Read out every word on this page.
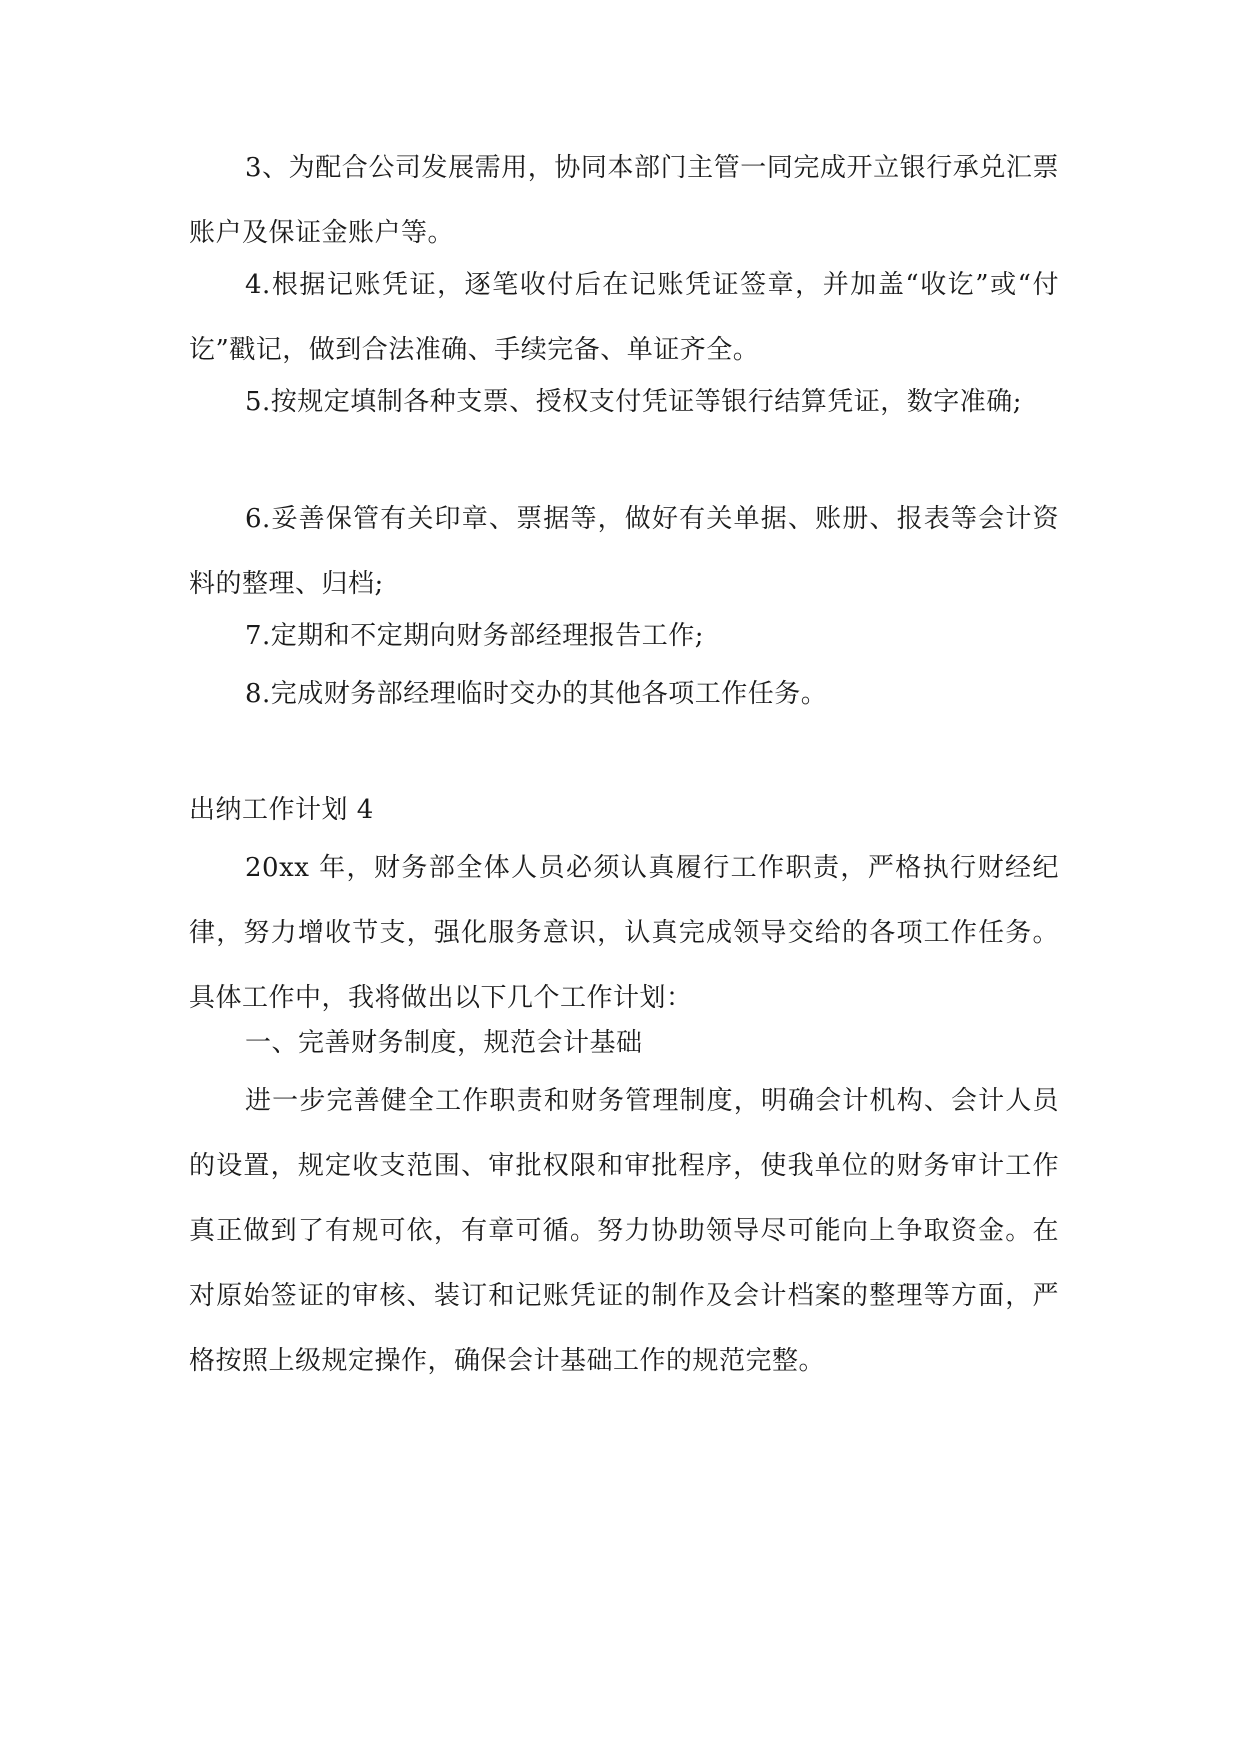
3、为配合公司发展需用，协同本部门主管一同完成开立银行承兑汇票账户及保证金账户等。

4.根据记账凭证，逐笔收付后在记账凭证签章，并加盖“收讫”或“付讫”戳记，做到合法准确、手续完备、单证齐全。

5.按规定填制各种支票、授权支付凭证等银行结算凭证，数字准确;

6.妥善保管有关印章、票据等，做好有关单据、账册、报表等会计资料的整理、归档;

7.定期和不定期向财务部经理报告工作;

8.完成财务部经理临时交办的其他各项工作任务。

出纳工作计划 4

20xx 年，财务部全体人员必须认真履行工作职责，严格执行财经纪律，努力增收节支，强化服务意识，认真完成领导交给的各项工作任务。具体工作中，我将做出以下几个工作计划：

一、完善财务制度，规范会计基础

进一步完善健全工作职责和财务管理制度，明确会计机构、会计人员的设置，规定收支范围、审批权限和审批程序，使我单位的财务审计工作真正做到了有规可依，有章可循。努力协助领导尽可能向上争取资金。在对原始签证的审核、装订和记账凭证的制作及会计档案的整理等方面，严格按照上级规定操作，确保会计基础工作的规范完整。
